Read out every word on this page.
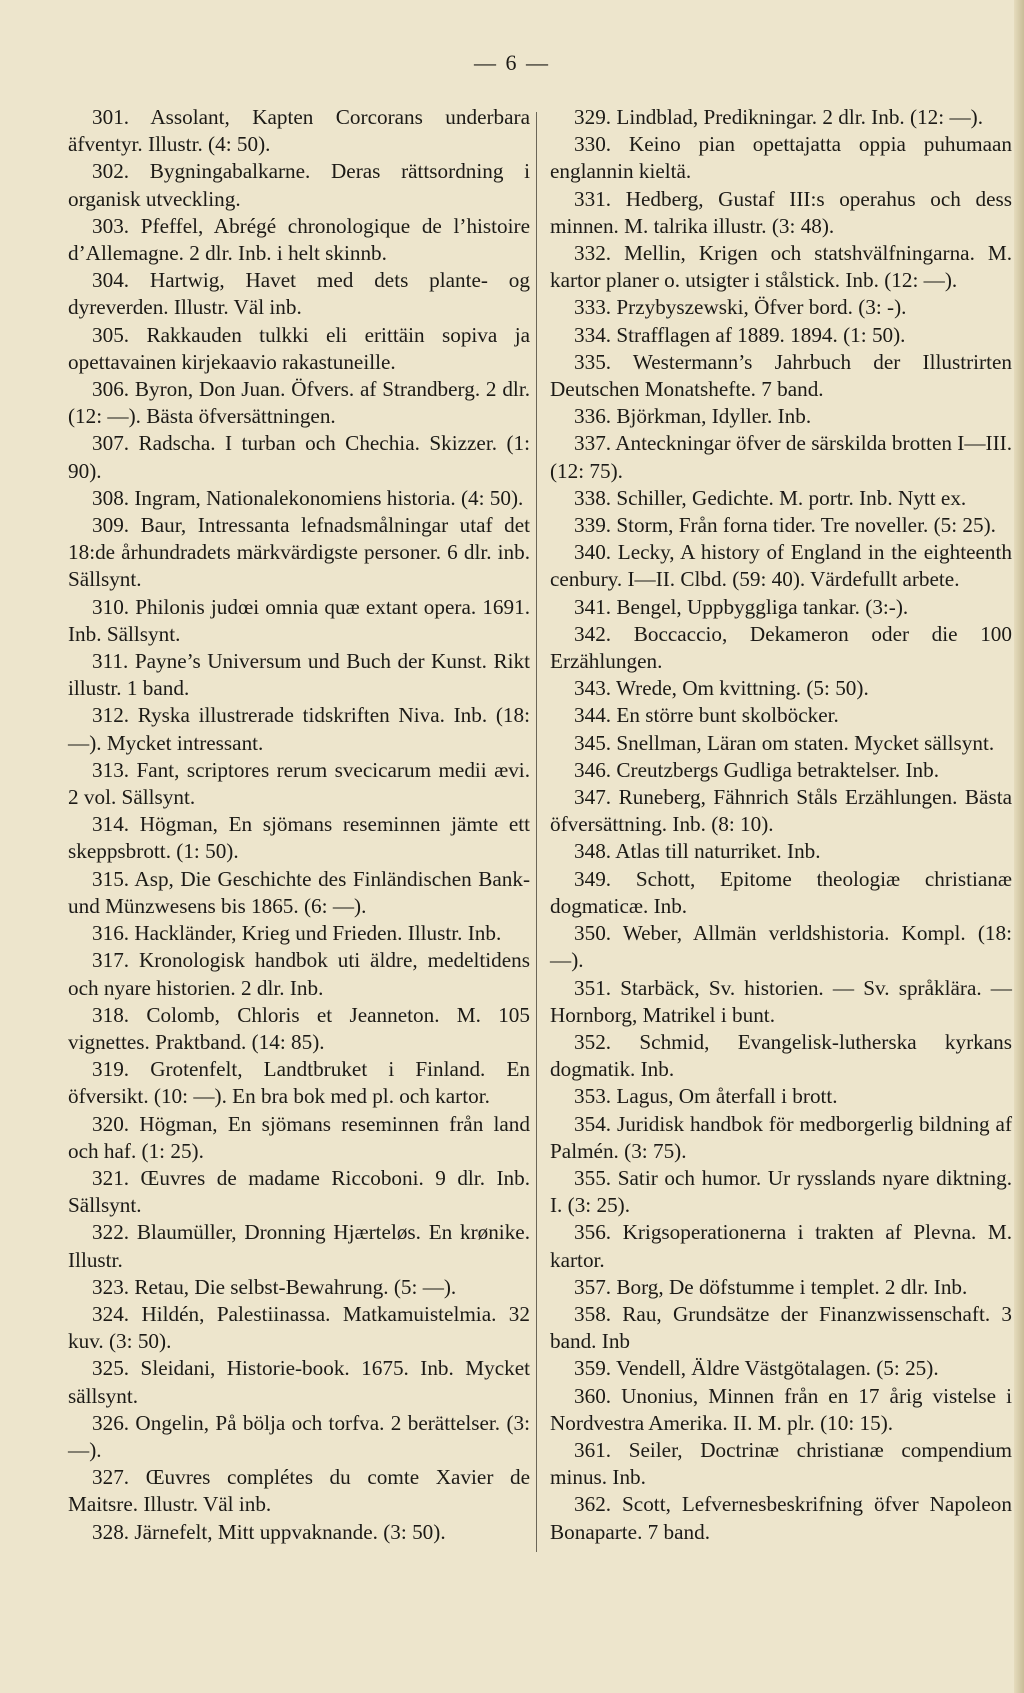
— 6 —

301. Assolant, Kapten Corcorans underbara äfventyr. Illustr. (4: 50).

302. Bygningabalkarne. Deras rättsordning i organisk utveckling.

303. Pfeffel, Abrégé chronologique de l’histoire d’Allemagne. 2 dlr. Inb. i helt skinnb.

304. Hartwig, Havet med dets plante- og dyreverden. Illustr. Väl inb.

305. Rakkauden tulkki eli erittäin sopiva ja opettavainen kirjekaavio rakastuneille.

306. Byron, Don Juan. Öfvers. af Strandberg. 2 dlr. (12: —). Bästa öfversättningen.

307. Radscha. I turban och Chechia. Skizzer. (1: 90).

308. Ingram, Nationalekonomiens historia. (4: 50).

309. Baur, Intressanta lefnadsmålningar utaf det 18:de århundradets märkvärdigste personer. 6 dlr. inb. Sällsynt.

310. Philonis judœi omnia quæ extant opera. 1691. Inb. Sällsynt.

311. Payne’s Universum und Buch der Kunst. Rikt illustr. 1 band.

312. Ryska illustrerade tidskriften Niva. Inb. (18: —). Mycket intressant.

313. Fant, scriptores rerum svecicarum medii ævi. 2 vol. Sällsynt.

314. Högman, En sjömans reseminnen jämte ett skeppsbrott. (1: 50).

315. Asp, Die Geschichte des Finländischen Bank- und Münzwesens bis 1865. (6: —).

316. Hackländer, Krieg und Frieden. Illustr. Inb.

317. Kronologisk handbok uti äldre, medeltidens och nyare historien. 2 dlr. Inb.

318. Colomb, Chloris et Jeanneton. M. 105 vignettes. Praktband. (14: 85).

319. Grotenfelt, Landtbruket i Finland. En öfversikt. (10: —). En bra bok med pl. och kartor.

320. Högman, En sjömans reseminnen från land och haf. (1: 25).

321. Œuvres de madame Riccoboni. 9 dlr. Inb. Sällsynt.

322. Blaumüller, Dronning Hjærteløs. En krønike. Illustr.

323. Retau, Die selbst-Bewahrung. (5: —).

324. Hildén, Palestiinassa. Matkamuistelmia. 32 kuv. (3: 50).

325. Sleidani, Historie-book. 1675. Inb. Mycket sällsynt.

326. Ongelin, På bölja och torfva. 2 berättelser. (3: —).

327. Œuvres complétes du comte Xavier de Maitsre. Illustr. Väl inb.

328. Järnefelt, Mitt uppvaknande. (3: 50).

329. Lindblad, Predikningar. 2 dlr. Inb. (12: —).

330. Keino pian opettajatta oppia puhumaan englannin kieltä.

331. Hedberg, Gustaf III:s operahus och dess minnen. M. talrika illustr. (3: 48).

332. Mellin, Krigen och statshvälfningarna. M. kartor planer o. utsigter i stålstick. Inb. (12: —).

333. Przybyszewski, Öfver bord. (3: -).

334. Strafflagen af 1889. 1894. (1: 50).

335. Westermann’s Jahrbuch der Illustrirten Deutschen Monatshefte. 7 band.

336. Björkman, Idyller. Inb.

337. Anteckningar öfver de särskilda brotten I—III. (12: 75).

338. Schiller, Gedichte. M. portr. Inb. Nytt ex.

339. Storm, Från forna tider. Tre noveller. (5: 25).

340. Lecky, A history of England in the eighteenth cenbury. I—II. Clbd. (59: 40). Värdefullt arbete.

341. Bengel, Uppbyggliga tankar. (3:-).

342. Boccaccio, Dekameron oder die 100 Erzählungen.

343. Wrede, Om kvittning. (5: 50).

344. En större bunt skolböcker.

345. Snellman, Läran om staten. Mycket sällsynt.

346. Creutzbergs Gudliga betraktelser. Inb.

347. Runeberg, Fähnrich Ståls Erzählungen. Bästa öfversättning. Inb. (8: 10).

348. Atlas till naturriket. Inb.

349. Schott, Epitome theologiæ christianæ dogmaticæ. Inb.

350. Weber, Allmän verldshistoria. Kompl. (18: —).

351. Starbäck, Sv. historien. — Sv. språklära. — Hornborg, Matrikel i bunt.

352. Schmid, Evangelisk-lutherska kyrkans dogmatik. Inb.

353. Lagus, Om återfall i brott.

354. Juridisk handbok för medborgerlig bildning af Palmén. (3: 75).

355. Satir och humor. Ur rysslands nyare diktning. I. (3: 25).

356. Krigsoperationerna i trakten af Plevna. M. kartor.

357. Borg, De döfstumme i templet. 2 dlr. Inb.

358. Rau, Grundsätze der Finanzwissenschaft. 3 band. Inb

359. Vendell, Äldre Västgötalagen. (5: 25).

360. Unonius, Minnen från en 17 årig vistelse i Nordvestra Amerika. II. M. plr. (10: 15).

361. Seiler, Doctrinæ christianæ compendium minus. Inb.

362. Scott, Lefvernesbeskrifning öfver Napoleon Bonaparte. 7 band.
